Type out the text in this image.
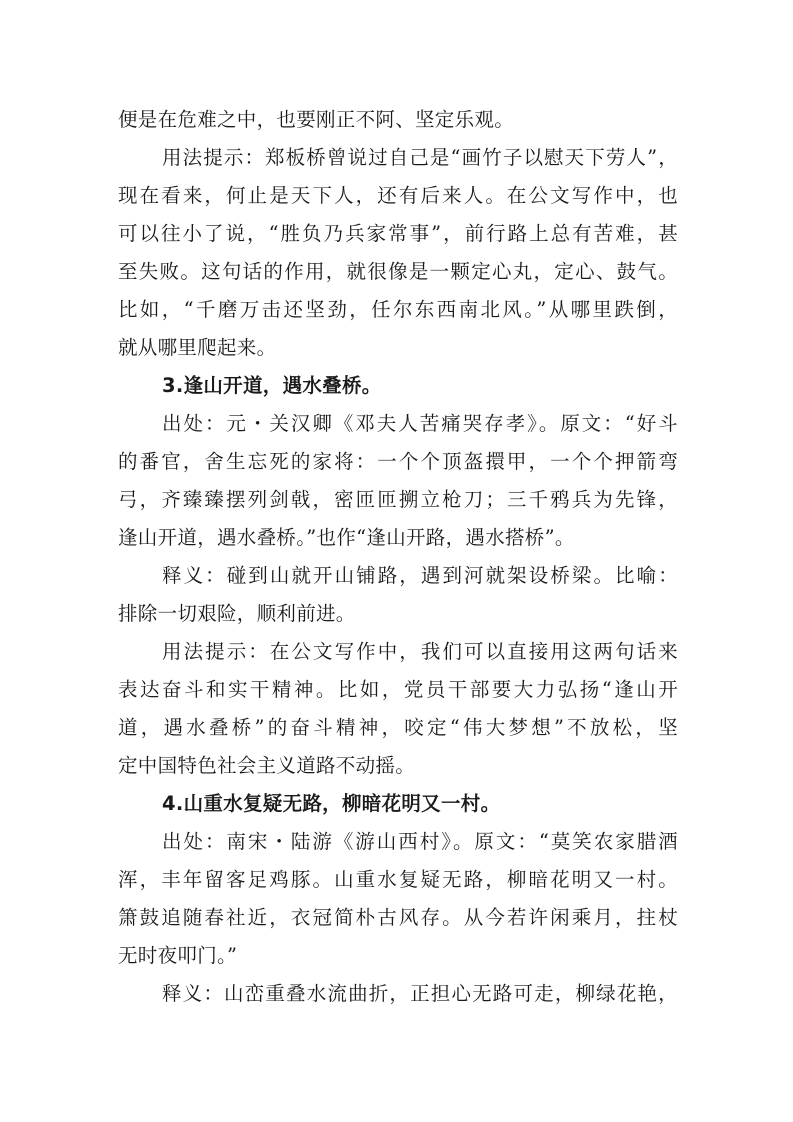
便是在危难之中，也要刚正不阿、坚定乐观。
用法提示：郑板桥曾说过自己是“画竹子以慰天下劳人”，
现在看来，何止是天下人，还有后来人。在公文写作中，也
可以往小了说，“胜负乃兵家常事”，前行路上总有苦难，甚
至失败。这句话的作用，就很像是一颗定心丸，定心、鼓气。
比如，“千磨万击还坚劲，任尔东西南北风。”从哪里跌倒，
就从哪里爬起来。
3.逢山开道，遇水叠桥。
出处：元・关汉卿《邓夫人苦痛哭存孝》。原文：“好斗
的番官，舍生忘死的家将：一个个顶盔擐甲，一个个押箭弯
弓，齐臻臻摆列剑戟，密匝匝搠立枪刀；三千鸦兵为先锋，
逢山开道，遇水叠桥。”也作“逢山开路，遇水搭桥”。
释义：碰到山就开山铺路，遇到河就架设桥梁。比喻：
排除一切艰险，顺利前进。
用法提示：在公文写作中，我们可以直接用这两句话来
表达奋斗和实干精神。比如，党员干部要大力弘扬“逢山开
道，遇水叠桥”的奋斗精神，咬定“伟大梦想”不放松，坚
定中国特色社会主义道路不动摇。
4.山重水复疑无路，柳暗花明又一村。
出处：南宋・陆游《游山西村》。原文：“莫笑农家腊酒
浑，丰年留客足鸡豚。山重水复疑无路，柳暗花明又一村。
箫鼓追随春社近，衣冠简朴古风存。从今若许闲乘月，拄杖
无时夜叩门。”
释义：山峦重叠水流曲折，正担心无路可走，柳绿花艳，
